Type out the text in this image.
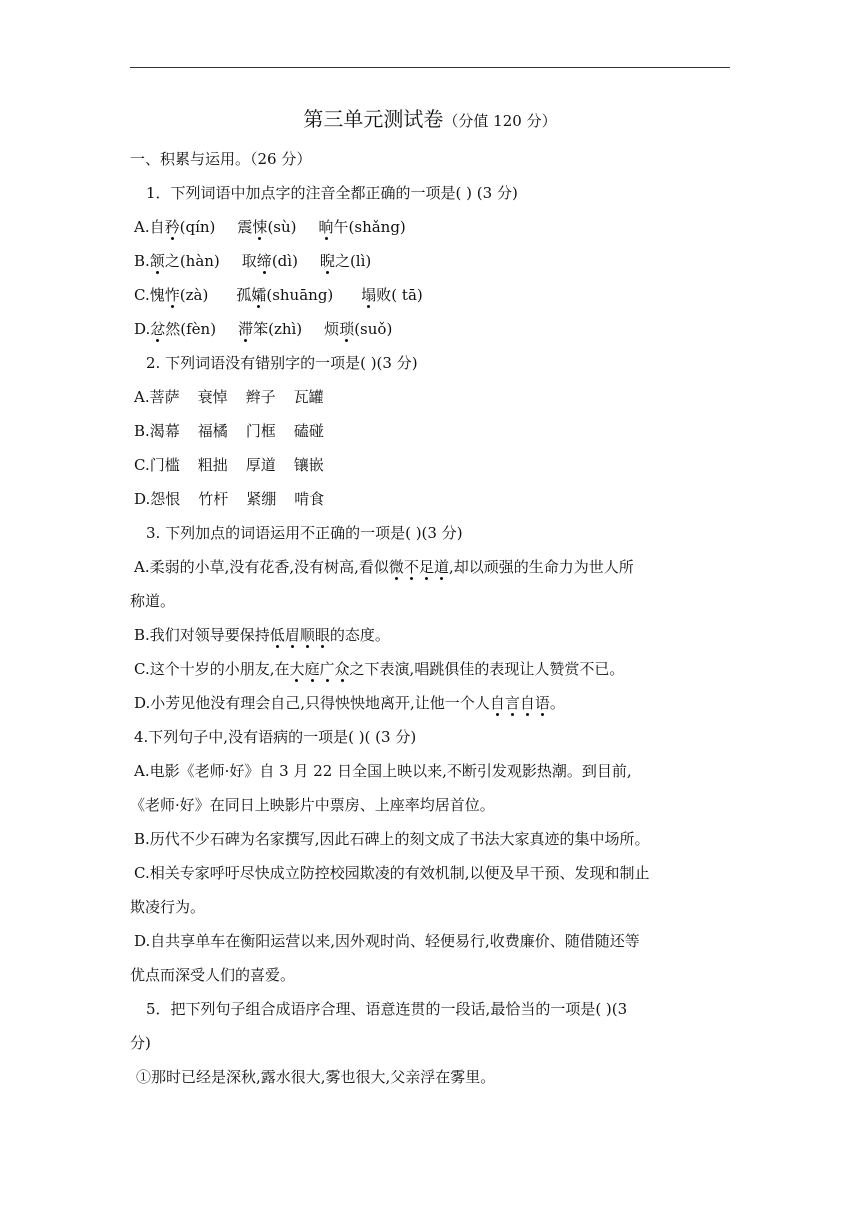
第三单元测试卷（分值 120 分）
一、积累与运用。（26 分）
1．下列词语中加点字的注音全都正确的一项是( ) (3 分)
A.自矜(qín) 震悚(sù) 晌午(shǎng)
B.颔之(hàn) 取缔(dì) 睨之(lì)
C.愧怍(zà) 孤孀(shuāng) 塌败( tā)
D.忿然(fèn) 滞笨(zhì) 烦琐(suǒ)
2. 下列词语没有错别字的一项是( )(3 分)
A.菩萨 衰悼 辫子 瓦罐
B.渴幕 福橘 门框 磕碰
C.门槛 粗拙 厚道 镶嵌
D.怨恨 竹杆 紧绷 啃食
3. 下列加点的词语运用不正确的一项是( )(3 分)
A.柔弱的小草,没有花香,没有树高,看似微不足道,却以顽强的生命力为世人所
称道。
B.我们对领导要保持低眉顺眼的态度。
C.这个十岁的小朋友,在大庭广众之下表演,唱跳俱佳的表现让人赞赏不已。
D.小芳见他没有理会自己,只得怏怏地离开,让他一个人自言自语。
4.下列句子中,没有语病的一项是( )( (3 分)
A.电影《老师·好》自 3 月 22 日全国上映以来,不断引发观影热潮。到目前,
《老师·好》在同日上映影片中票房、上座率均居首位。
B.历代不少石碑为名家撰写,因此石碑上的刻文成了书法大家真迹的集中场所。
C.相关专家呼吁尽快成立防控校园欺凌的有效机制,以便及早干预、发现和制止
欺凌行为。
D.自共享单车在衡阳运营以来,因外观时尚、轻便易行,收费廉价、随借随还等
优点而深受人们的喜爱。
5．把下列句子组合成语序合理、语意连贯的一段话,最恰当的一项是( )(3
分)
①那时已经是深秋,露水很大,雾也很大,父亲浮在雾里。
